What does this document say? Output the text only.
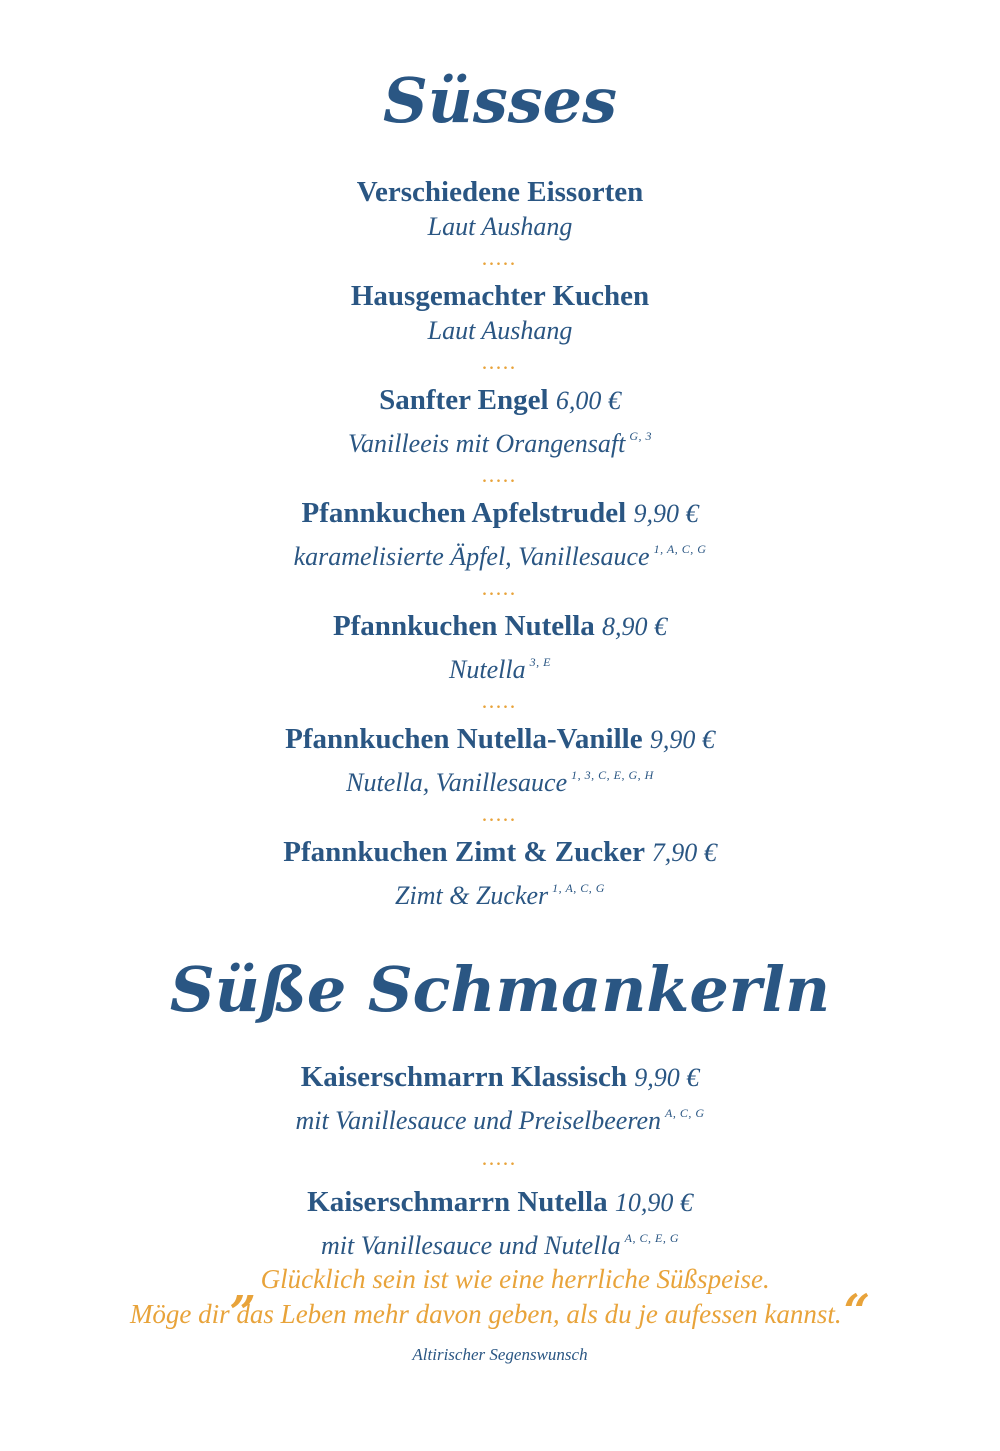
Süsses
Verschiedene Eissorten
Laut Aushang
.....
Hausgemachter Kuchen
Laut Aushang
.....
Sanfter Engel 6,00 €
Vanilleeis mit Orangensaft $^{G, 3}$
.....
Pfannkuchen Apfelstrudel 9,90 €
karamelisierte Äpfel, Vanillesauce $^{1, A, C, G}$
.....
Pfannkuchen Nutella 8,90 €
Nutella $^{3, E}$
.....
Pfannkuchen Nutella-Vanille 9,90 €
Nutella, Vanillesauce $^{1, 3, C, E, G, H}$
.....
Pfannkuchen Zimt & Zucker 7,90 €
Zimt & Zucker $^{1, A, C, G}$
Süße Schmankerln
Kaiserschmarrn Klassisch 9,90 €
mit Vanillesauce und Preiselbeeren $^{A, C, G}$
.....
Kaiserschmarrn Nutella 10,90 €
mit Vanillesauce und Nutella $^{A, C, E, G}$
„ Glücklich sein ist wie eine herrliche Süßspeise.
Möge dir das Leben mehr davon geben, als du je aufessen kannst.“
Altirischer Segenswunsch
